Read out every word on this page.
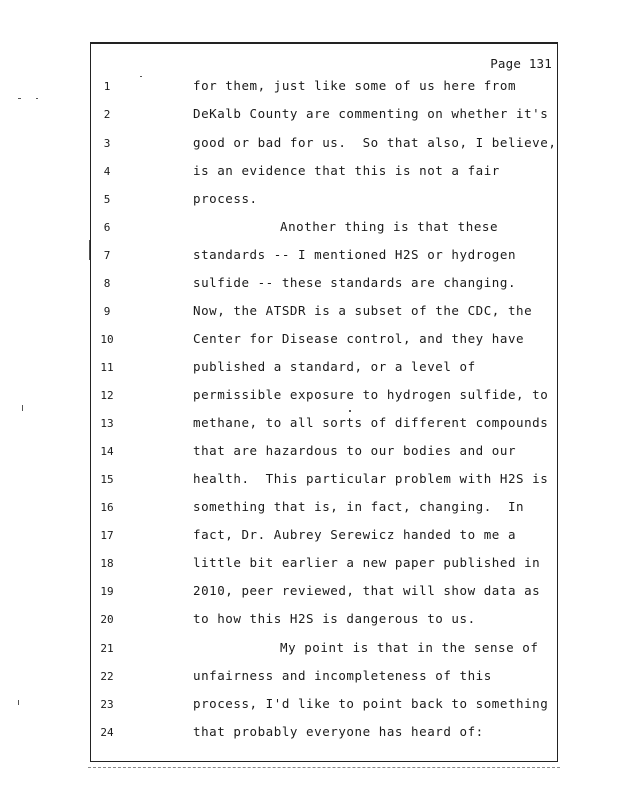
Page 131
1	for them, just like some of us here from
2	DeKalb County are commenting on whether it's
3	good or bad for us.  So that also, I believe,
4	is an evidence that this is not a fair
5	process.
6	Another thing is that these
7	standards -- I mentioned H2S or hydrogen
8	sulfide -- these standards are changing.
9	Now, the ATSDR is a subset of the CDC, the
10	Center for Disease control, and they have
11	published a standard, or a level of
12	permissible exposure to hydrogen sulfide, to
13	methane, to all sorts of different compounds
14	that are hazardous to our bodies and our
15	health.  This particular problem with H2S is
16	something that is, in fact, changing.  In
17	fact, Dr. Aubrey Serewicz handed to me a
18	little bit earlier a new paper published in
19	2010, peer reviewed, that will show data as
20	to how this H2S is dangerous to us.
21	My point is that in the sense of
22	unfairness and incompleteness of this
23	process, I'd like to point back to something
24	that probably everyone has heard of:
